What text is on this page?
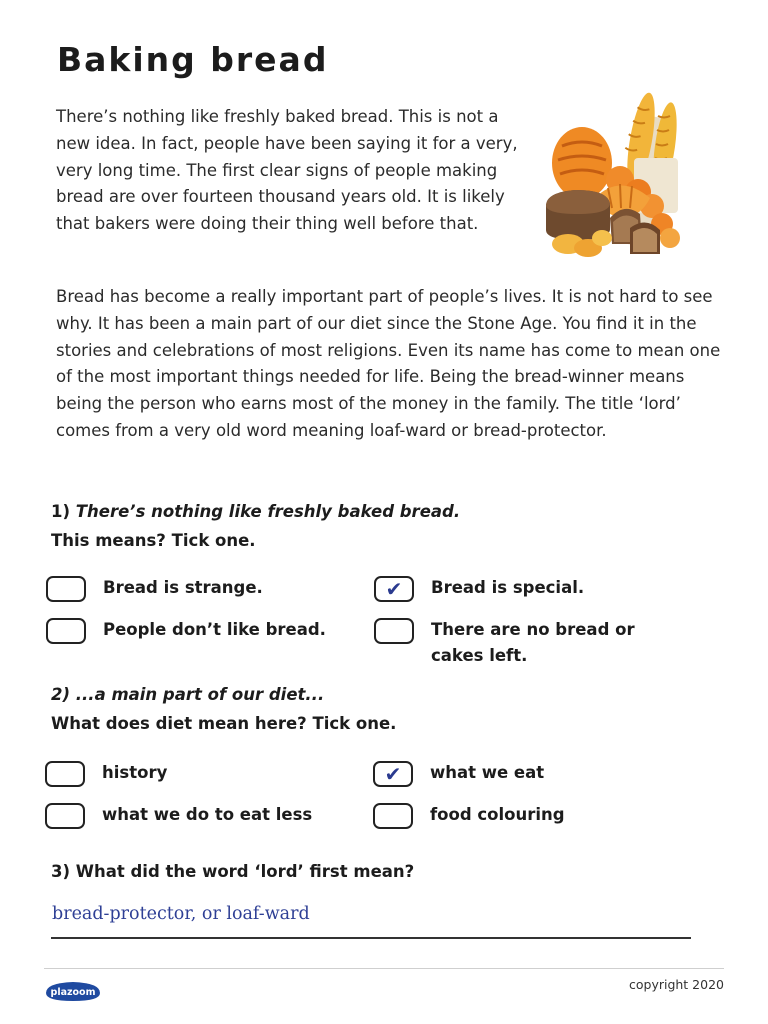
Baking bread

There’s nothing like freshly baked bread. This is not a new idea. In fact, people have been saying it for a very, very long time. The first clear signs of people making bread are over fourteen thousand years old. It is likely that bakers were doing their thing well before that.

Bread has become a really important part of people’s lives. It is not hard to see why. It has been a main part of our diet since the Stone Age. You find it in the stories and celebrations of most religions. Even its name has come to mean one of the most important things needed for life. Being the bread-winner means being the person who earns most of the money in the family. The title ‘lord’ comes from a very old word meaning loaf-ward or bread-protector.

1) There’s nothing like freshly baked bread.

This means? Tick one.

Bread is strange.	✔	Bread is special.
People don’t like bread.	There are no bread or cakes left.

2) ...a main part of our diet...

What does diet mean here? Tick one.

history	✔	what we eat
what we do to eat less	food colouring

3) What did the word ‘lord’ first mean?

bread-protector, or loaf-ward
plazoom
copyright 2020
